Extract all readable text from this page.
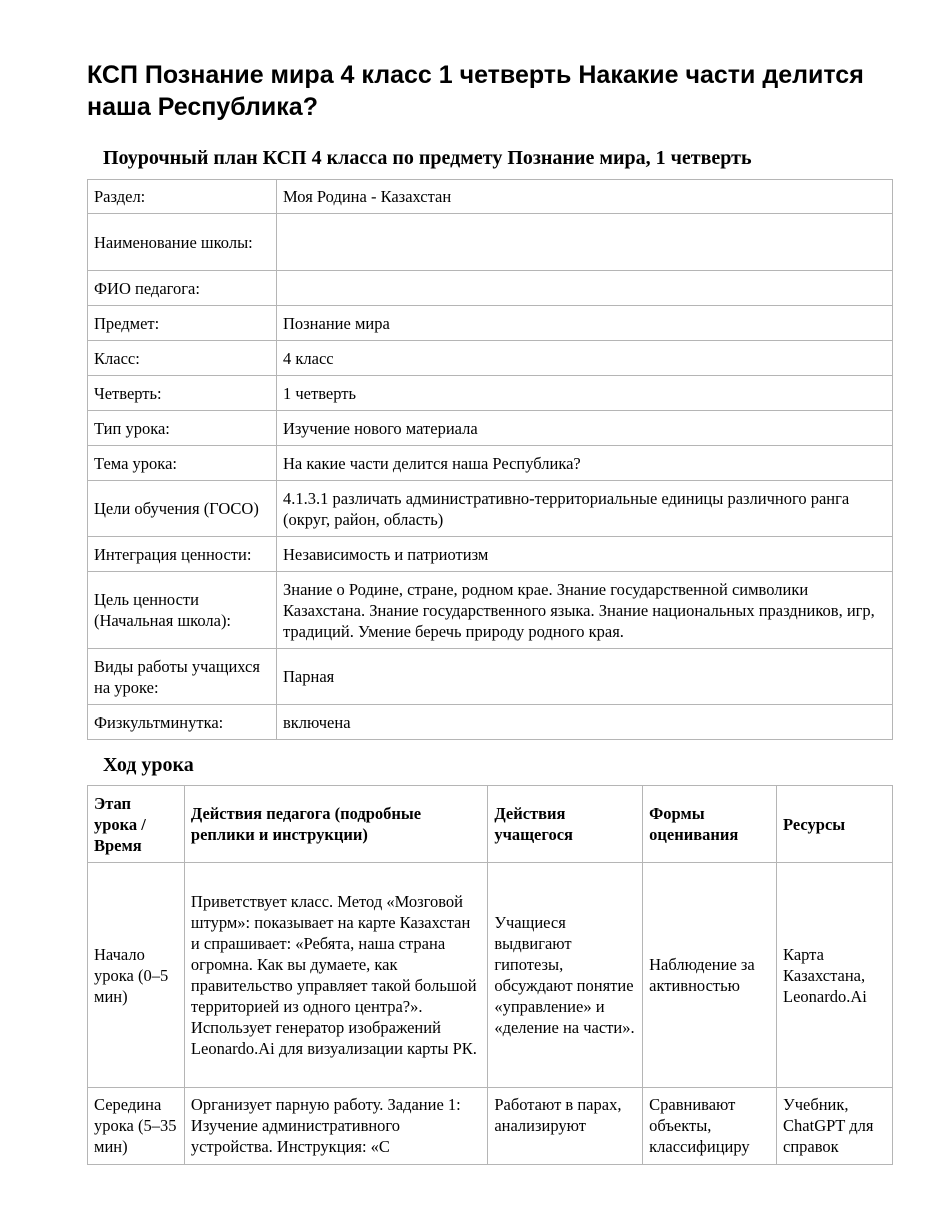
КСП Познание мира 4 класс 1 четверть Накакие части делится наша Республика?
Поурочный план КСП 4 класса по предмету Познание мира, 1 четверть
Раздел:	Моя Родина - Казахстан
Наименование школы:	
ФИО педагога:	
Предмет:	Познание мира
Класс:	4 класс
Четверть:	1 четверть
Тип урока:	Изучение нового материала
Тема урока:	На какие части делится наша Республика?
Цели обучения (ГОСО)	4.1.3.1 различать административно-территориальные единицы различного ранга (округ, район, область)
Интеграция ценности:	Независимость и патриотизм
Цель ценности (Начальная школа):	Знание о Родине, стране, родном крае. Знание государственной символики Казахстана. Знание государственного языка. Знание национальных праздников, игр, традиций. Умение беречь природу родного края.
Виды работы учащихся на уроке:	Парная
Физкультминутка:	включена
Ход урока
Этап урока / Время	Действия педагога (подробные реплики и инструкции)	Действия учащегося	Формы оценивания	Ресурсы
Начало урока (0–5 мин)	Приветствует класс. Метод «Мозговой штурм»: показывает на карте Казахстан и спрашивает: «Ребята, наша страна огромна. Как вы думаете, как правительство управляет такой большой территорией из одного центра?». Использует генератор изображений Leonardo.Ai для визуализации карты РК.	Учащиеся выдвигают гипотезы, обсуждают понятие «управление» и «деление на части».	Наблюдение за активностью	Карта Казахстана, Leonardo.Ai
Середина урока (5–35 мин)	Организует парную работу. Задание 1: Изучение административного устройства. Инструкция: «С	Работают в парах, анализируют	Сравнивают объекты, классифициру	Учебник, ChatGPT для справок
